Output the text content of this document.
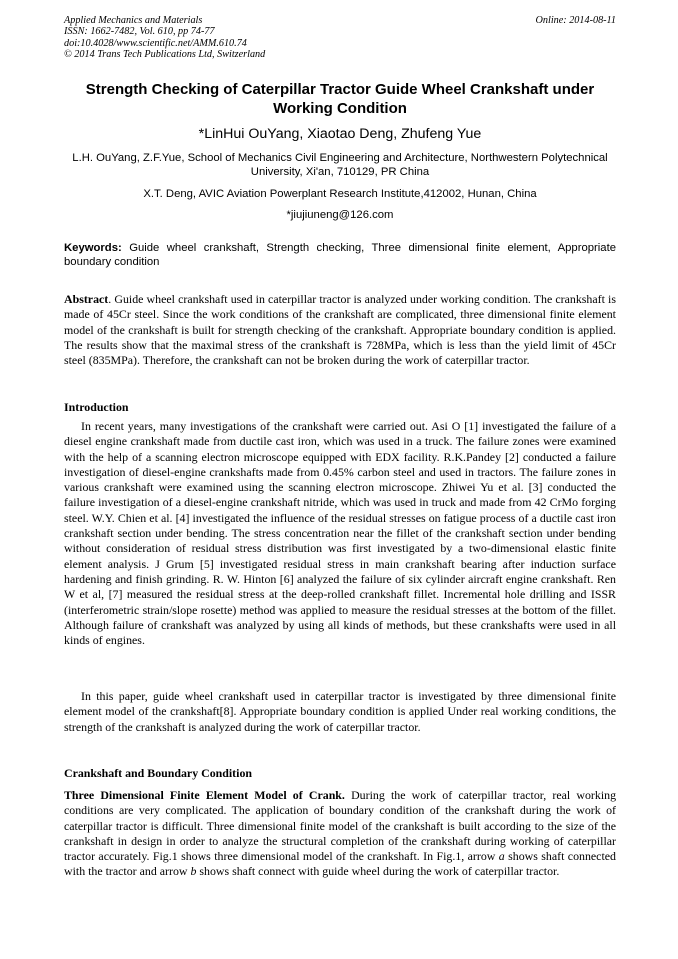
Applied Mechanics and Materials
ISSN: 1662-7482, Vol. 610, pp 74-77
doi:10.4028/www.scientific.net/AMM.610.74
© 2014 Trans Tech Publications Ltd, Switzerland
Online: 2014-08-11
Strength Checking of Caterpillar Tractor Guide Wheel Crankshaft under Working Condition
*LinHui OuYang, Xiaotao Deng, Zhufeng Yue
L.H. OuYang, Z.F.Yue, School of Mechanics Civil Engineering and Architecture, Northwestern Polytechnical University, Xi'an, 710129, PR China
X.T. Deng, AVIC Aviation Powerplant Research Institute,412002, Hunan, China
*jiujiuneng@126.com
Keywords: Guide wheel crankshaft, Strength checking, Three dimensional finite element, Appropriate boundary condition
Abstract. Guide wheel crankshaft used in caterpillar tractor is analyzed under working condition. The crankshaft is made of 45Cr steel. Since the work conditions of the crankshaft are complicated, three dimensional finite element model of the crankshaft is built for strength checking of the crankshaft. Appropriate boundary condition is applied. The results show that the maximal stress of the crankshaft is 728MPa, which is less than the yield limit of 45Cr steel (835MPa). Therefore, the crankshaft can not be broken during the work of caterpillar tractor.
Introduction
In recent years, many investigations of the crankshaft were carried out. Asi O [1] investigated the failure of a diesel engine crankshaft made from ductile cast iron, which was used in a truck. The failure zones were examined with the help of a scanning electron microscope equipped with EDX facility. R.K.Pandey [2] conducted a failure investigation of diesel-engine crankshafts made from 0.45% carbon steel and used in tractors. The failure zones in various crankshaft were examined using the scanning electron microscope. Zhiwei Yu et al. [3] conducted the failure investigation of a diesel-engine crankshaft nitride, which was used in truck and made from 42 CrMo forging steel. W.Y. Chien et al. [4] investigated the influence of the residual stresses on fatigue process of a ductile cast iron crankshaft section under bending. The stress concentration near the fillet of the crankshaft section under bending without consideration of residual stress distribution was first investigated by a two-dimensional elastic finite element analysis. J Grum [5] investigated residual stress in main crankshaft bearing after induction surface hardening and finish grinding. R. W. Hinton [6] analyzed the failure of six cylinder aircraft engine crankshaft. Ren W et al, [7] measured the residual stress at the deep-rolled crankshaft fillet. Incremental hole drilling and ISSR (interferometric strain/slope rosette) method was applied to measure the residual stresses at the bottom of the fillet. Although failure of crankshaft was analyzed by using all kinds of methods, but these crankshafts were used in all kinds of engines.
In this paper, guide wheel crankshaft used in caterpillar tractor is investigated by three dimensional finite element model of the crankshaft[8]. Appropriate boundary condition is applied Under real working conditions, the strength of the crankshaft is analyzed during the work of caterpillar tractor.
Crankshaft and Boundary Condition
Three Dimensional Finite Element Model of Crank. During the work of caterpillar tractor, real working conditions are very complicated. The application of boundary condition of the crankshaft during the work of caterpillar tractor is difficult. Three dimensional finite model of the crankshaft is built according to the size of the crankshaft in design in order to analyze the structural completion of the crankshaft during working of caterpillar tractor accurately. Fig.1 shows three dimensional model of the crankshaft. In Fig.1, arrow a shows shaft connected with the tractor and arrow b shows shaft connect with guide wheel during the work of caterpillar tractor.
